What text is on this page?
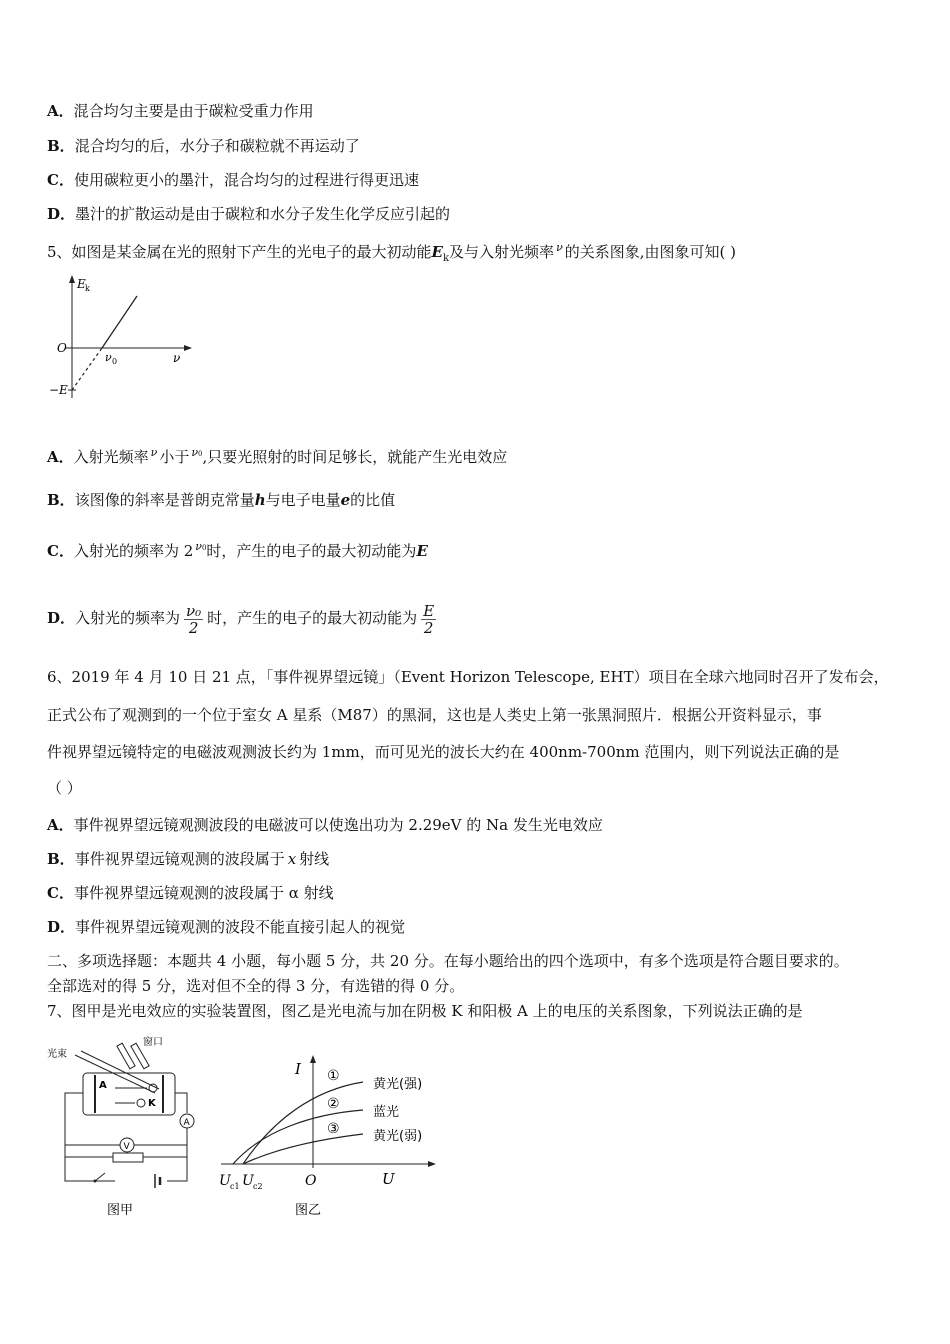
A．混合均匀主要是由于碳粒受重力作用
B．混合均匀的后，水分子和碳粒就不再运动了
C．使用碳粒更小的墨汁，混合均匀的过程进行得更迅速
D．墨汁的扩散运动是由于碳粒和水分子发生化学反应引起的
5、如图是某金属在光的照射下产生的光电子的最大初动能$E_k$及与入射光频率 $^\nu$ 的关系图象,由图象可知( )
E k
ν
O
ν 0
−E
A．入射光频率 $^\nu$ 小于 $^{\nu 0}$,只要光照射的时间足够长，就能产生光电效应
B．该图像的斜率是普朗克常量h与电子电量e的比值
C．入射光的频率为 2 $^{\nu 0}$时，产生的电子的最大初动能为E
D．入射光的频率为 $\frac{\text{ν₀}}{2}$ 时，产生的电子的最大初动能为 $\frac{E}{2}$
6、2019 年 4 月 10 日 21 点，「事件视界望远镜」（Event Horizon Telescope, EHT）项目在全球六地同时召开了发布会，
正式公布了观测到的一个位于室女 A 星系（M87）的黑洞，这也是人类史上第一张黑洞照片．根据公开资料显示，事
件视界望远镜特定的电磁波观测波长约为 1mm，而可见光的波长大约在 400nm-700nm 范围内，则下列说法正确的是
（ ）
A．事件视界望远镜观测波段的电磁波可以使逸出功为 2.29eV 的 Na 发生光电效应
B．事件视界望远镜观测的波段属于 x 射线
C．事件视界望远镜观测的波段属于 α 射线
D．事件视界望远镜观测的波段不能直接引起人的视觉
二、多项选择题：本题共 4 小题，每小题 5 分，共 20 分。在每小题给出的四个选项中，有多个选项是符合题目要求的。
全部选对的得 5 分，选对但不全的得 3 分，有选错的得 0 分。
7、图甲是光电效应的实验装置图，图乙是光电流与加在阴极 K 和阳极 A 上的电压的关系图象，下列说法正确的是
窗口
光束
A
K
A
V
图甲
I
U
O
U c1 U c2
①
②
③
黄光(强)
蓝光
黄光(弱)
图乙
